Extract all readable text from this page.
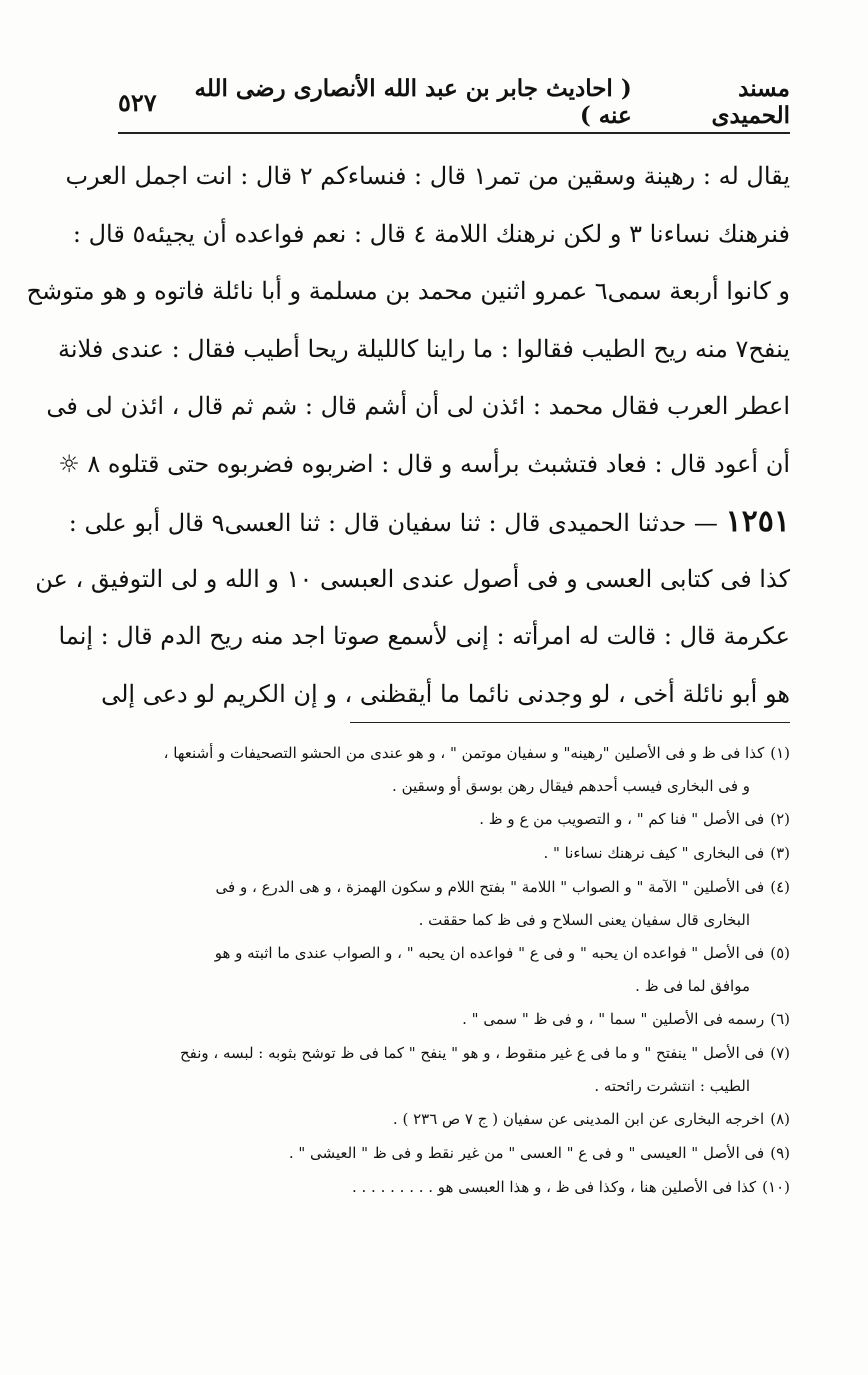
مسند الحميدى
( احاديث جابر بن عبد الله الأنصارى رضى الله عنه )
٥٢٧
يقال له : رهينة وسقين من تمر١ قال : فنساءكم ٢ قال : انت اجمل العرب
فنرهنك نساءنا ٣ و لكن نرهنك اللامة ٤ قال : نعم فواعده أن يجيئه٥ قال :
و كانوا أربعة سمى٦ عمرو اثنين محمد بن مسلمة و أبا نائلة فاتوه و هو متوشح
ينفح٧ منه ريح الطيب فقالوا : ما راينا كالليلة ريحا أطيب فقال : عندى فلانة
اعطر العرب فقال محمد : ائذن لى أن أشم قال : شم ثم قال ، ائذن لى فى
أن أعود قال : فعاد فتشبث برأسه و قال : اضربوه فضربوه حتى قتلوه ٨ ☼
١٢٥١ — حدثنا الحميدى قال : ثنا سفيان قال : ثنا العسى٩ قال أبو على :
كذا فى كتابى العسى و فى أصول عندى العبسى ١٠ و الله و لى التوفيق ، عن
عكرمة قال : قالت له امرأته : إنى لأسمع صوتا اجد منه ريح الدم قال : إنما
هو أبو نائلة أخى ، لو وجدنى نائما ما أيقظنى ، و إن الكريم لو دعى إلى
(١)كذا فى ظ و فى الأصلين "رهينه" و سفيان موتمن " ، و هو عندى من الحشو التصحيفات و أشنعها ،
و فى البخارى فيسب أحدهم فيقال رهن بوسق أو وسقين .
(٢)فى الأصل " فنا كم " ، و التصويب من ع و ظ .
(٣)فى البخارى " كيف نرهنك نساءنا " .
(٤)فى الأصلين " الآمة " و الصواب " اللامة " بفتح اللام و سكون الهمزة ، و هى الدرع ، و فى
البخارى قال سفيان يعنى السلاح و فى ظ كما حققت .
(٥)فى الأصل " فواعده ان يحبه " و فى ع " فواعده ان يحبه " ، و الصواب عندى ما اثبته و هو
موافق لما فى ظ .
(٦)رسمه فى الأصلين " سما " ، و فى ظ " سمى " .
(٧)فى الأصل " ينفتح " و ما فى ع غير منقوط ، و هو " ينفح " كما فى ظ توشح بثوبه : لبسه ، ونفح
الطيب : انتشرت رائحته .
(٨)اخرجه البخارى عن ابن المدينى عن سفيان ( ج ٧ ص ٢٣٦ ) .
(٩)فى الأصل " العيسى " و فى ع " العسى " من غير نقط و فى ظ " العيشى " .
(١٠)كذا فى الأصلين هنا ، وكذا فى ظ ، و هذا العبسى هو . . . . . . . . .
